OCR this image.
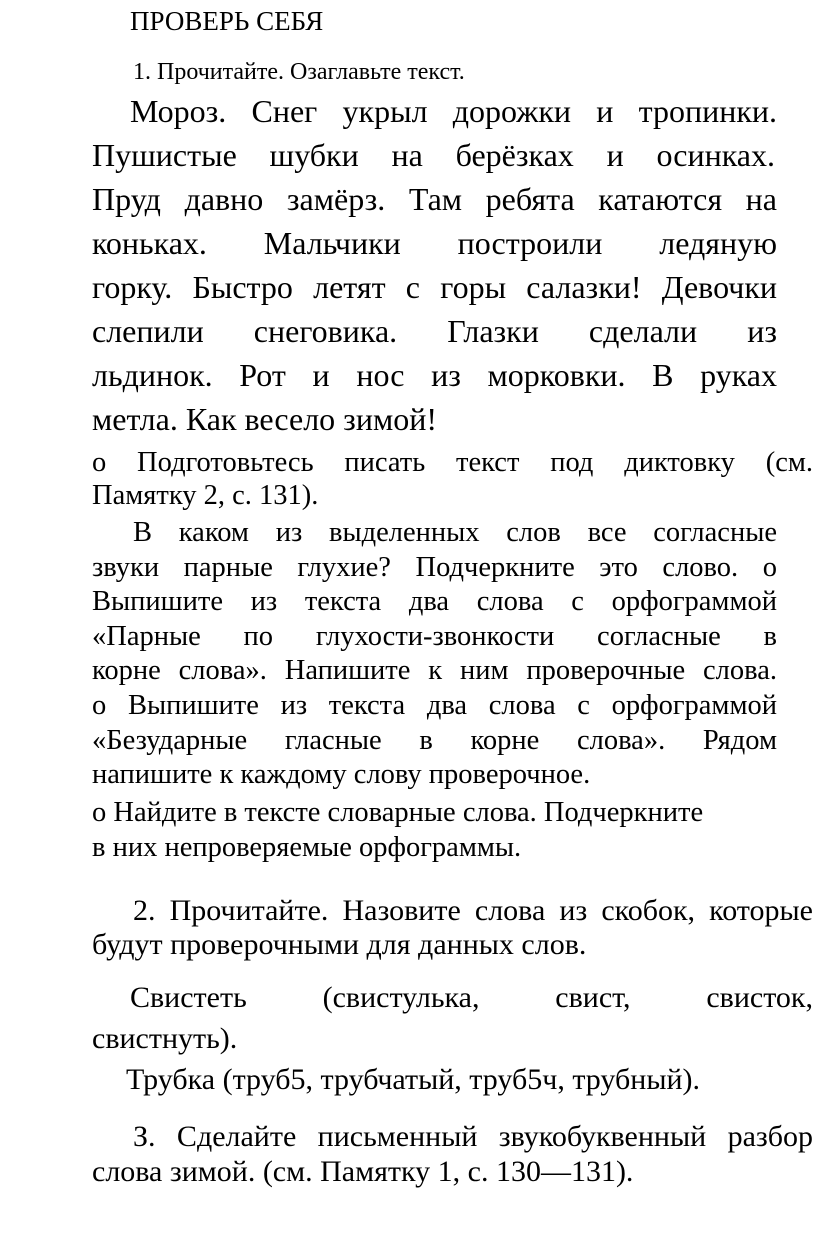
ПРОВЕРЬ СЕБЯ

1. Прочитайте. Озаглавьте текст.

Мороз. Снег укрыл дорожки и тропинки.

Пушистые шубки на берёзках и осинках.

Пруд давно замёрз. Там ребята катаются на

коньках. Мальчики построили ледяную

горку. Быстро летят с горы салазки! Девочки

слепили снеговика. Глазки сделали из

льдинок. Рот и нос из морковки. В руках

метла. Как весело зимой!

о Подготовьтесь писать текст под диктовку (см.

Памятку 2, с. 131).

В каком из выделенных слов все согласные

звуки парные глухие? Подчеркните это слово. о

Выпишите из текста два слова с орфограммой

«Парные по глухости-звонкости согласные в

корне слова». Напишите к ним проверочные слова.

о Выпишите из текста два слова с орфограммой

«Безударные гласные в корне слова». Рядом

напишите к каждому слову проверочное.

о Найдите в тексте словарные слова. Подчеркните

в них непроверяемые орфограммы.

2. Прочитайте. Назовите слова из скобок, которые

будут проверочными для данных слов.

Свистеть (свистулька, свист, свисток,

свистнуть).

Трубка (труб5, трубчатый, труб5ч, трубный).

З. Сделайте письменный звукобуквенный разбор

слова зимой. (см. Памятку 1, с. 130—131).
